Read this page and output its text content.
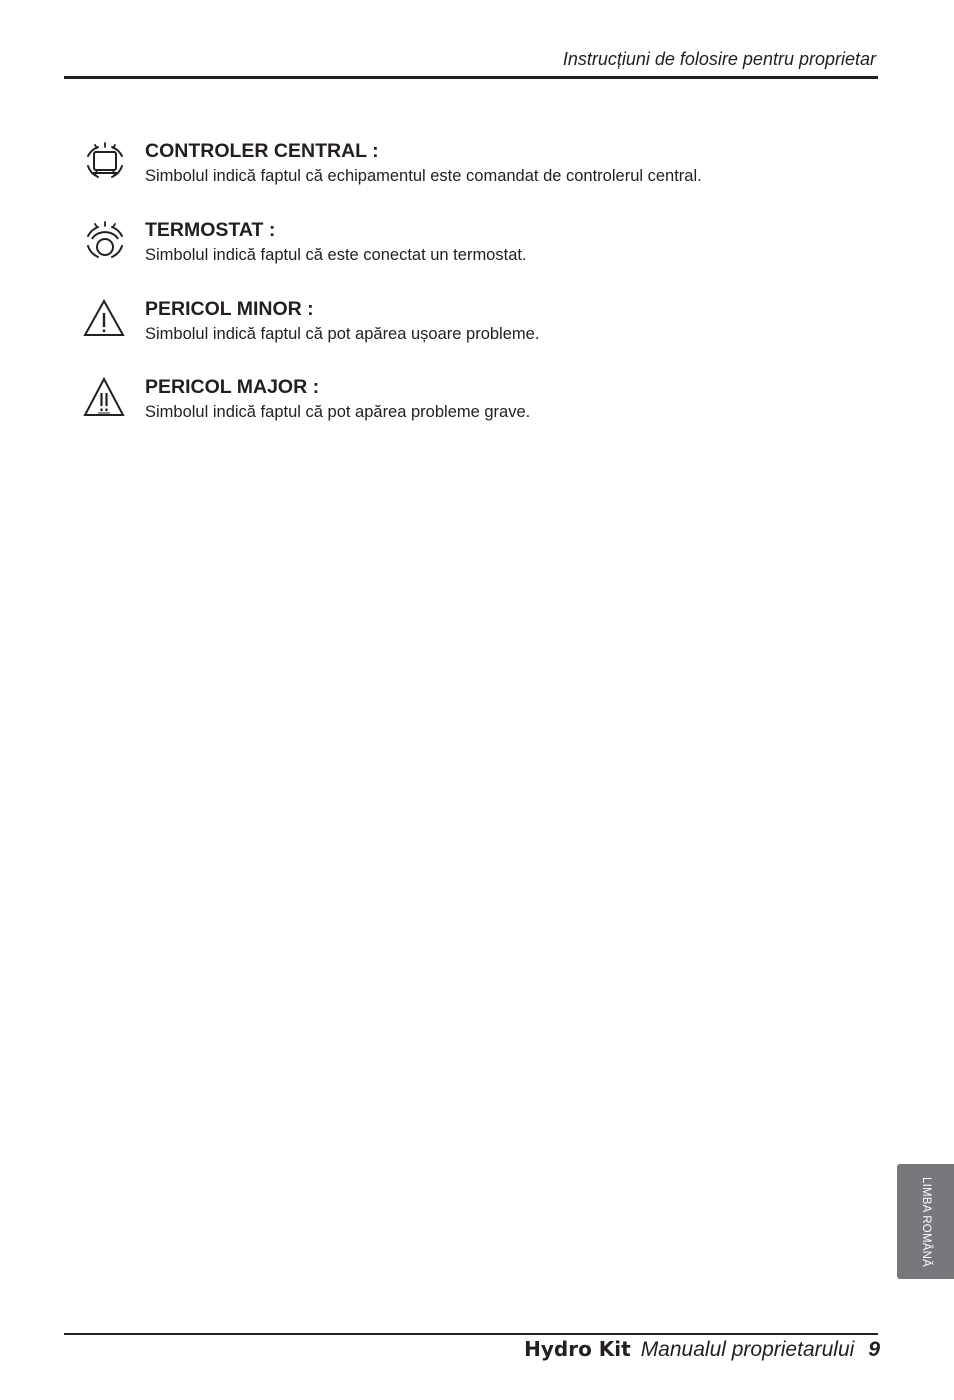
Instrucțiuni de folosire pentru proprietar
CONTROLER CENTRAL :
Simbolul indică faptul că echipamentul este comandat de controlerul central.
TERMOSTAT :
Simbolul indică faptul că este conectat un termostat.
PERICOL MINOR :
Simbolul indică faptul că pot apărea ușoare probleme.
PERICOL MAJOR :
Simbolul indică faptul că pot apărea probleme grave.
LIMBA ROMÂNĂ
Hydro Kit Manualul proprietarului 9
